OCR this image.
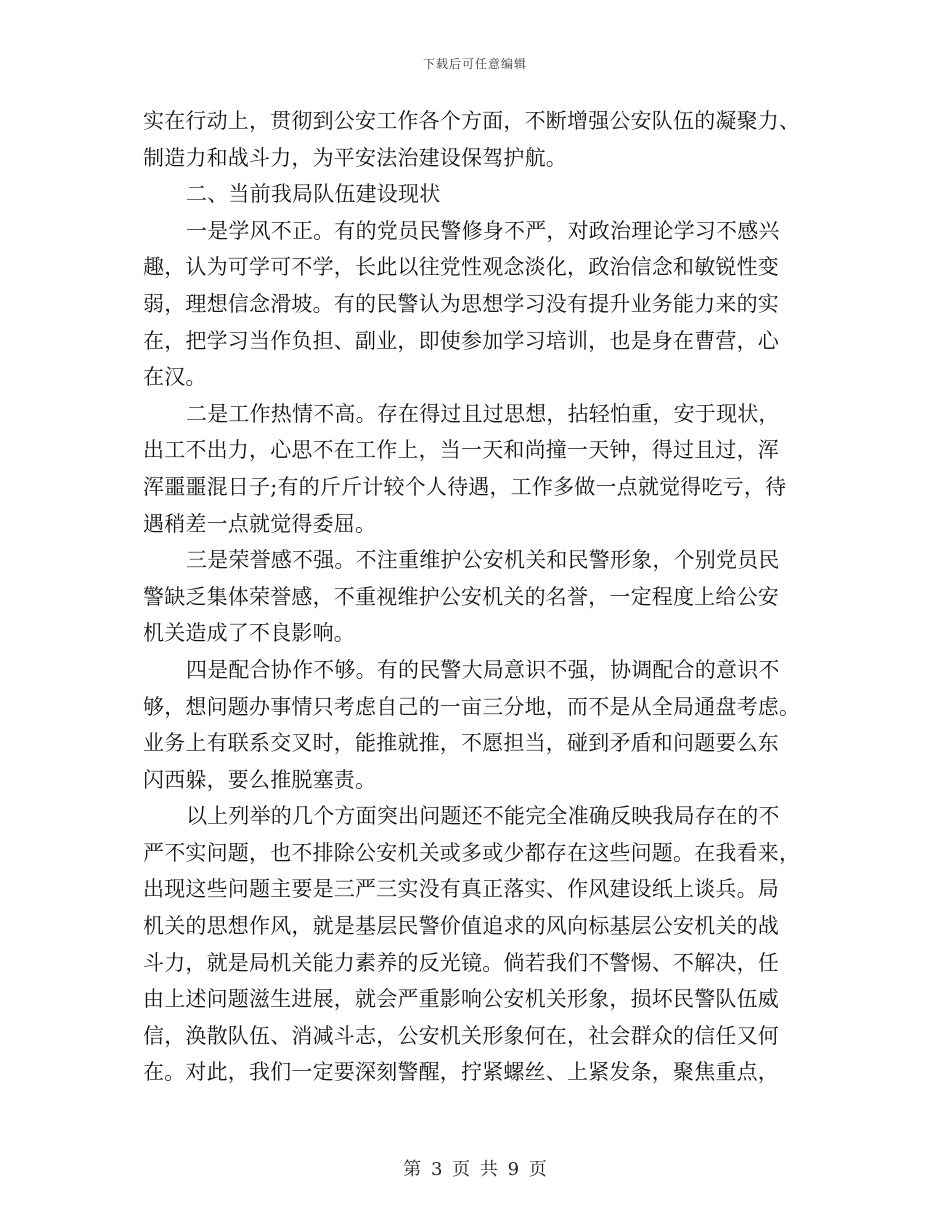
下载后可任意编辑
实在行动上，贯彻到公安工作各个方面，不断增强公安队伍的凝聚力、
制造力和战斗力，为平安法治建设保驾护航。
二、当前我局队伍建设现状
一是学风不正。有的党员民警修身不严，对政治理论学习不感兴
趣，认为可学可不学，长此以往党性观念淡化，政治信念和敏锐性变
弱，理想信念滑坡。有的民警认为思想学习没有提升业务能力来的实
在，把学习当作负担、副业，即使参加学习培训，也是身在曹营，心
在汉。
二是工作热情不高。存在得过且过思想，拈轻怕重，安于现状，
出工不出力，心思不在工作上，当一天和尚撞一天钟，得过且过，浑
浑噩噩混日子;有的斤斤计较个人待遇，工作多做一点就觉得吃亏，待
遇稍差一点就觉得委屈。
三是荣誉感不强。不注重维护公安机关和民警形象，个别党员民
警缺乏集体荣誉感，不重视维护公安机关的名誉，一定程度上给公安
机关造成了不良影响。
四是配合协作不够。有的民警大局意识不强，协调配合的意识不
够，想问题办事情只考虑自己的一亩三分地，而不是从全局通盘考虑。
业务上有联系交叉时，能推就推，不愿担当，碰到矛盾和问题要么东
闪西躲，要么推脱塞责。
以上列举的几个方面突出问题还不能完全准确反映我局存在的不
严不实问题，也不排除公安机关或多或少都存在这些问题。在我看来，
出现这些问题主要是三严三实没有真正落实、作风建设纸上谈兵。局
机关的思想作风，就是基层民警价值追求的风向标基层公安机关的战
斗力，就是局机关能力素养的反光镜。倘若我们不警惕、不解决，任
由上述问题滋生进展，就会严重影响公安机关形象，损坏民警队伍威
信，涣散队伍、消减斗志，公安机关形象何在，社会群众的信任又何
在。对此，我们一定要深刻警醒，拧紧螺丝、上紧发条，聚焦重点，
第 3 页 共 9 页
